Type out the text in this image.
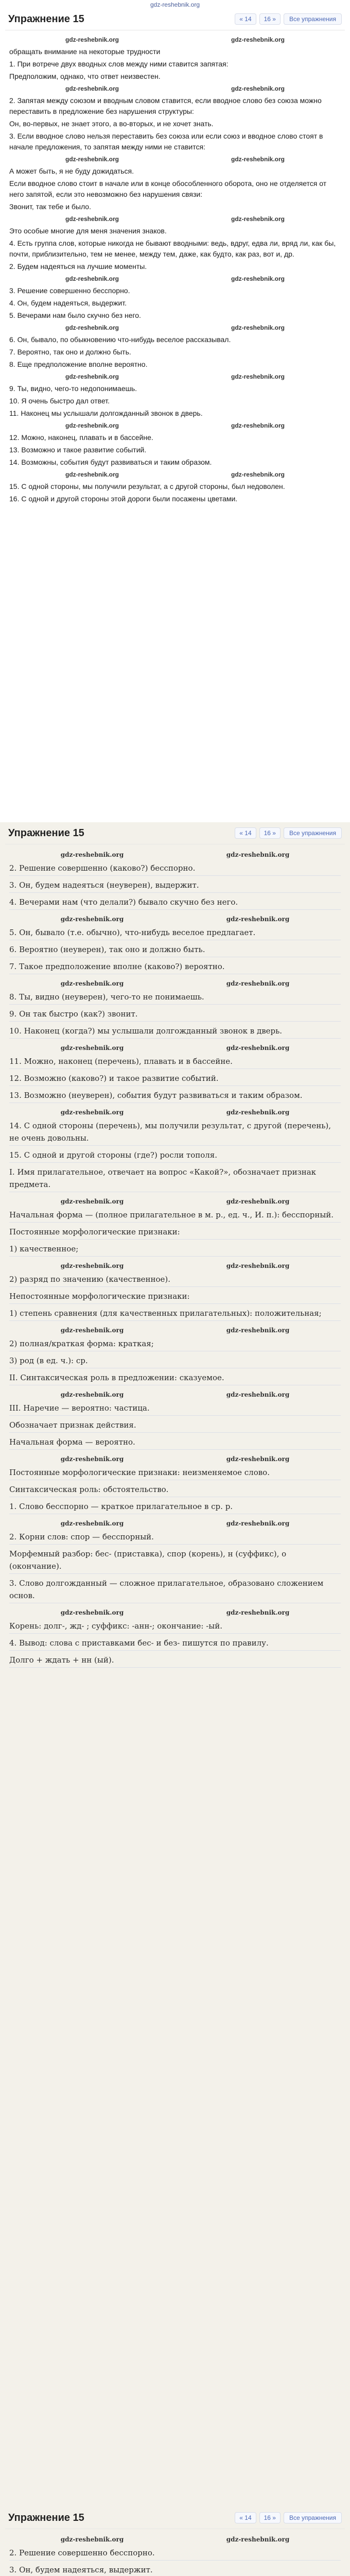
gdz-reshebnik.org
Упражнение 15	« 14	16 »	Все упражнения
gdz-reshebnik.org	gdz-reshebnik.org

обращать внимание на некоторые трудности

1. При вотрече двух вводных слов между ними ставится запятая:

Предположим, однако, что ответ неизвестен.

gdz-reshebnik.org	gdz-reshebnik.org

2. Запятая между союзом и вводным словом ставится, если вводное слово без союза можно переставить в предложение без нарушения структуры:

Он, во-первых, не знает этого, а во-вторых, и не хочет знать.

3. Если вводное слово нельзя переставить без союза или если союз и вводное слово стоят в начале предложения, то запятая между ними не ставится:

gdz-reshebnik.org	gdz-reshebnik.org

А может быть, я не буду дожидаться.

Если вводное слово стоит в начале или в конце обособленного оборота, оно не отделяется от него запятой, если это невозможно без нарушения связи:

Звонит, так тебе и было.

gdz-reshebnik.org	gdz-reshebnik.org

Это особые многие для меня значения знаков.

4. Есть группа слов, которые никогда не бывают вводными: ведь, вдруг, едва ли, вряд ли, как бы, почти, приблизительно, тем не менее, между тем, даже, как будто, как раз, вот и, др.

2. Будем надеяться на лучшие моменты.

gdz-reshebnik.org	gdz-reshebnik.org

3. Решение совершенно бесспорно.

4. Он, будем надеяться, выдержит.

5. Вечерами нам было скучно без него.

gdz-reshebnik.org	gdz-reshebnik.org

6. Он, бывало, по обыкновению что-нибудь веселое рассказывал.

7. Вероятно, так оно и должно быть.

8. Еще предположение вполне вероятно.

gdz-reshebnik.org	gdz-reshebnik.org

9. Ты, видно, чего-то недопонимаешь.

10. Я очень быстро дал ответ.

11. Наконец мы услышали долгожданный звонок в дверь.

gdz-reshebnik.org	gdz-reshebnik.org

12. Можно, наконец, плавать и в бассейне.

13. Возможно и такое развитие событий.

14. Возможны, события будут развиваться и таким образом.

gdz-reshebnik.org	gdz-reshebnik.org

15. С одной стороны, мы получили результат, а с другой стороны, был недоволен.

16. С одной и другой стороны этой дороги были посажены цветами.

Упражнение 15	« 14	16 »	Все упражнения
gdz-reshebnik.org	gdz-reshebnik.org

2. Решение совершенно (каково?) бесспорно.

3. Он, будем надеяться (неуверен), выдержит.

4. Вечерами нам (что делали?) бывало скучно без него.

gdz-reshebnik.org	gdz-reshebnik.org

5. Он, бывало (т.е. обычно), что-нибудь веселое предлагает.

6. Вероятно (неуверен), так оно и должно быть.

7. Такое предположение вполне (каково?) вероятно.

gdz-reshebnik.org	gdz-reshebnik.org

8. Ты, видно (неуверен), чего-то не понимаешь.

9. Он так быстро (как?) звонит.

10. Наконец (когда?) мы услышали долгожданный звонок в дверь.

gdz-reshebnik.org	gdz-reshebnik.org

11. Можно, наконец (перечень), плавать и в бассейне.

12. Возможно (каково?) и такое развитие событий.

13. Возможно (неуверен), события будут развиваться и таким образом.

gdz-reshebnik.org	gdz-reshebnik.org

14. С одной стороны (перечень), мы получили результат, с другой (перечень), не очень довольны.

15. С одной и другой стороны (где?) росли тополя.

I. Имя прилагательное, отвечает на вопрос «Какой?», обозначает признак предмета.

gdz-reshebnik.org	gdz-reshebnik.org

Начальная форма — (полное прилагательное в м. р., ед. ч., И. п.): бесспорный.

Постоянные морфологические признаки:

1) качественное;

gdz-reshebnik.org	gdz-reshebnik.org

2) разряд по значению (качественное).

Непостоянные морфологические признаки:

1) степень сравнения (для качественных прилагательных): положительная;

gdz-reshebnik.org	gdz-reshebnik.org

2) полная/краткая форма: краткая;

3) род (в ед. ч.): ср.

II. Синтаксическая роль в предложении: сказуемое.

gdz-reshebnik.org	gdz-reshebnik.org

III. Наречие — вероятно: частица.

Обозначает признак действия.

Начальная форма — вероятно.

gdz-reshebnik.org	gdz-reshebnik.org

Постоянные морфологические признаки: неизменяемое слово.

Синтаксическая роль: обстоятельство.

1. Слово бесспорно — краткое прилагательное в ср. р.

gdz-reshebnik.org	gdz-reshebnik.org

2. Корни слов: спор — бесспорный.

Морфемный разбор: бес- (приставка), спор (корень), н (суффикс), о (окончание).

3. Слово долгожданный — сложное прилагательное, образовано сложением основ.

gdz-reshebnik.org	gdz-reshebnik.org

Корень: долг-, жд- ; суффикс: -анн-; окончание: -ый.

4. Вывод: слова с приставками бес- и без- пишутся по правилу.

Долго + ждать + нн (ый).

Упражнение 15	« 14	16 »	Все упражнения
gdz-reshebnik.org	gdz-reshebnik.org

2. Решение совершенно бесспорно.

3. Он, будем надеяться, выдержит.
